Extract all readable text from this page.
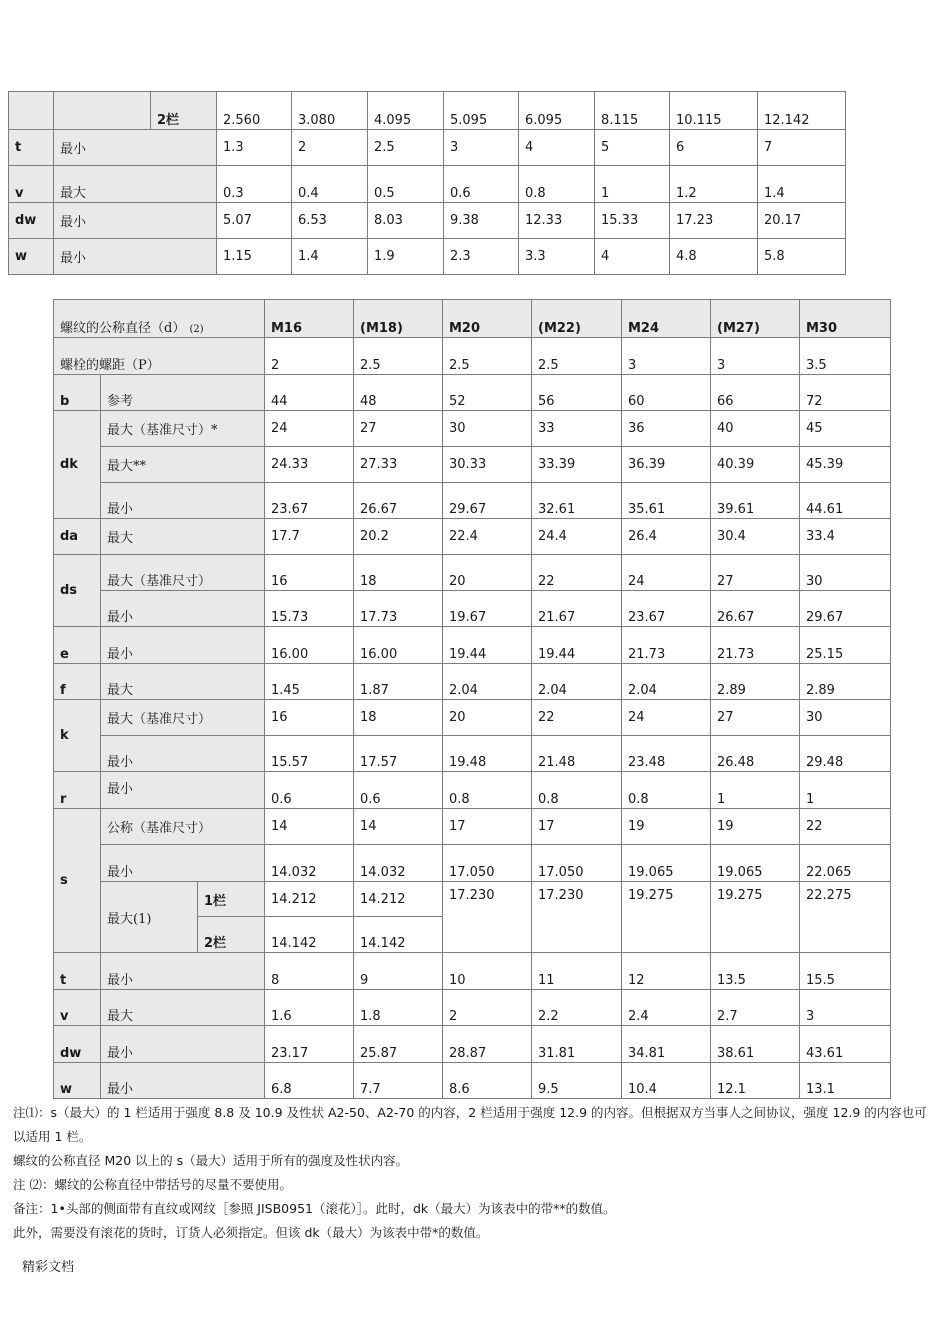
		2栏	2.560	3.080	4.095	5.095	6.095	8.115	10.115	12.142
t	最小		1.3	2	2.5	3	4	5	6	7
v	最大		0.3	0.4	0.5	0.6	0.8	1	1.2	1.4
dw	最小		5.07	6.53	8.03	9.38	12.33	15.33	17.23	20.17
w	最小		1.15	1.4	1.9	2.3	3.3	4	4.8	5.8
螺纹的公称直径（d） (2)			M16	(M18)	M20	(M22)	M24	(M27)	M30
螺栓的螺距（P）			2	2.5	2.5	2.5	3	3	3.5
b	参考		44	48	52	56	60	66	72
dk	最大（基准尺寸）*		24	27	30	33	36	40	45
	最大**		24.33	27.33	30.33	33.39	36.39	40.39	45.39
	最小		23.67	26.67	29.67	32.61	35.61	39.61	44.61
da	最大		17.7	20.2	22.4	24.4	26.4	30.4	33.4
ds	最大（基准尺寸）		16	18	20	22	24	27	30
	最小		15.73	17.73	19.67	21.67	23.67	26.67	29.67
e	最小		16.00	16.00	19.44	19.44	21.73	21.73	25.15
f	最大		1.45	1.87	2.04	2.04	2.04	2.89	2.89
k	最大（基准尺寸）		16	18	20	22	24	27	30
	最小		15.57	17.57	19.48	21.48	23.48	26.48	29.48
r	最小		0.6	0.6	0.8	0.8	0.8	1	1
s	公称（基准尺寸）		14	14	17	17	19	19	22
	最小		14.032	14.032	17.050	17.050	19.065	19.065	22.065
	最大(1)	1栏	14.212	14.212	17.230	17.230	19.275	19.275	22.275
		2栏	14.142	14.142					
t	最小		8	9	10	11	12	13.5	15.5
v	最大		1.6	1.8	2	2.2	2.4	2.7	3
dw	最小		23.17	25.87	28.87	31.81	34.81	38.61	43.61
w	最小		6.8	7.7	8.6	9.5	10.4	12.1	13.1
注⑴：s（最大）的 1 栏适用于强度 8.8 及 10.9 及性状 A2-50、A2-70 的内容，2 栏适用于强度 12.9 的内容。但根据双方当事人之间协议，强度 12.9 的内容也可以适用 1 栏。
螺纹的公称直径 M20 以上的 s（最大）适用于所有的强度及性状内容。
注 ⑵：螺纹的公称直径中带括号的尽量不要使用。
备注：1•头部的侧面带有直纹或网纹［参照 JISB0951（滚花）］。此时，dk（最大）为该表中的带**的数值。
此外，需要没有滚花的货时，订货人必须指定。但该 dk（最大）为该表中带*的数值。
精彩文档
